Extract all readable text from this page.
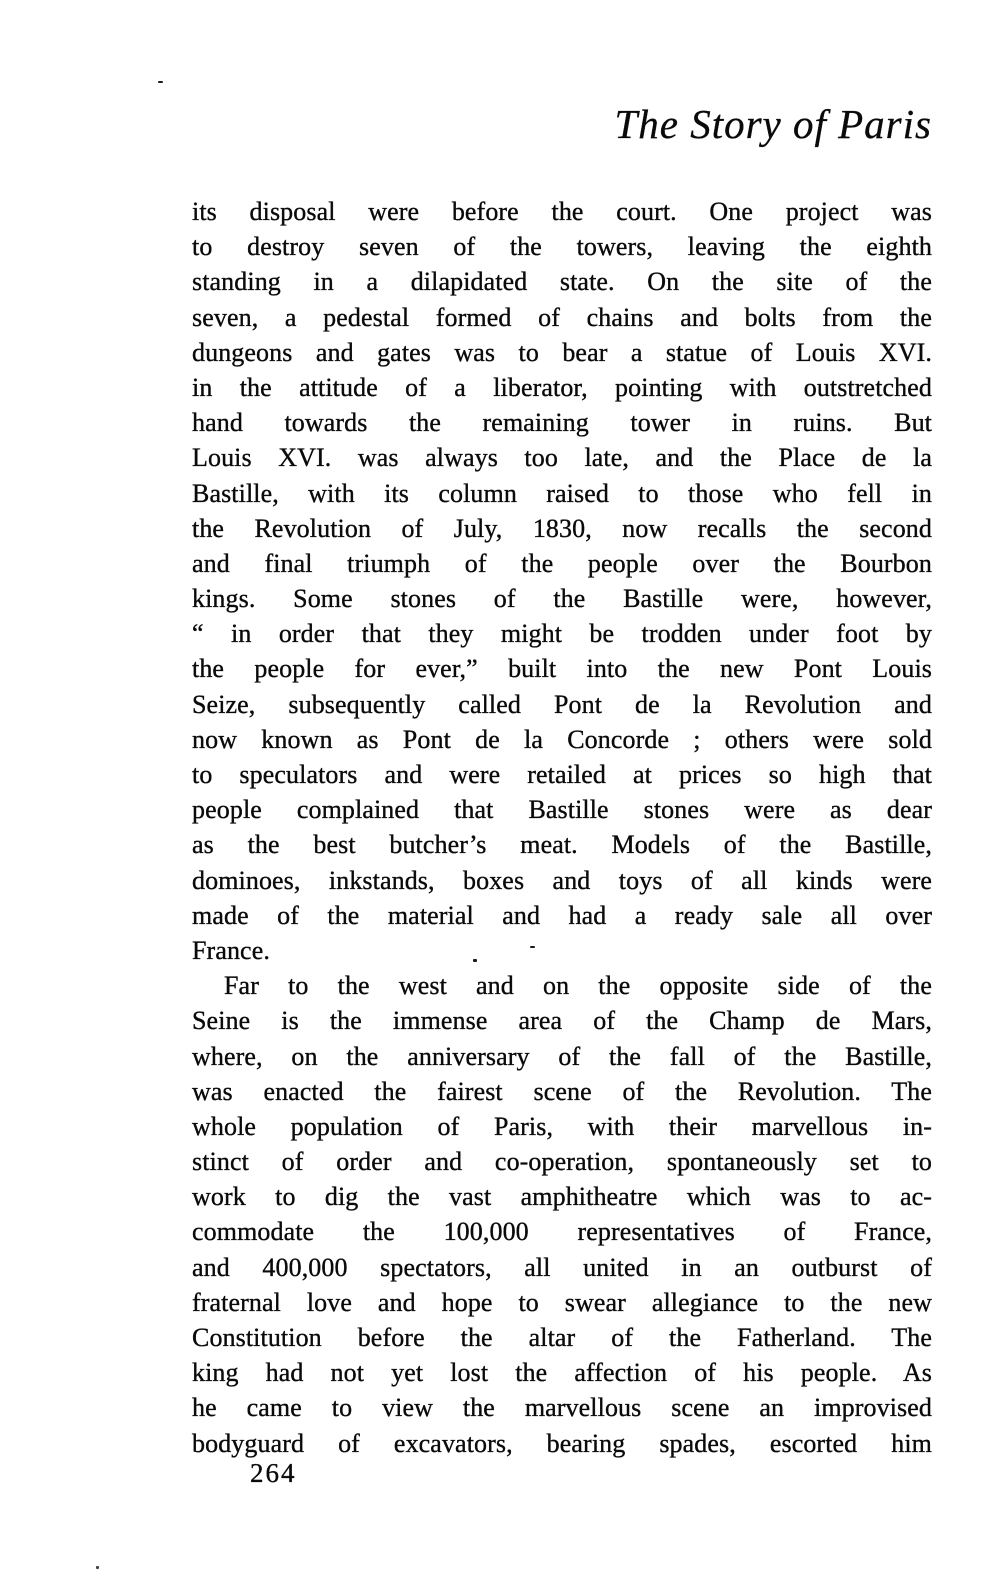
The Story of Paris
its disposal were before the court. One project was
to destroy seven of the towers, leaving the eighth
standing in a dilapidated state. On the site of the
seven, a pedestal formed of chains and bolts from the
dungeons and gates was to bear a statue of Louis XVI.
in the attitude of a liberator, pointing with outstretched
hand towards the remaining tower in ruins. But
Louis XVI. was always too late, and the Place de la
Bastille, with its column raised to those who fell in
the Revolution of July, 1830, now recalls the second
and final triumph of the people over the Bourbon
kings. Some stones of the Bastille were, however,
“ in order that they might be trodden under foot by
the people for ever,” built into the new Pont Louis
Seize, subsequently called Pont de la Revolution and
now known as Pont de la Concorde ; others were sold
to speculators and were retailed at prices so high that
people complained that Bastille stones were as dear
as the best butcher’s meat. Models of the Bastille,
dominoes, inkstands, boxes and toys of all kinds were
made of the material and had a ready sale all over
France.
Far to the west and on the opposite side of the
Seine is the immense area of the Champ de Mars,
where, on the anniversary of the fall of the Bastille,
was enacted the fairest scene of the Revolution. The
whole population of Paris, with their marvellous in-
stinct of order and co-operation, spontaneously set to
work to dig the vast amphitheatre which was to ac-
commodate the 100,000 representatives of France,
and 400,000 spectators, all united in an outburst of
fraternal love and hope to swear allegiance to the new
Constitution before the altar of the Fatherland. The
king had not yet lost the affection of his people. As
he came to view the marvellous scene an improvised
bodyguard of excavators, bearing spades, escorted him
264
